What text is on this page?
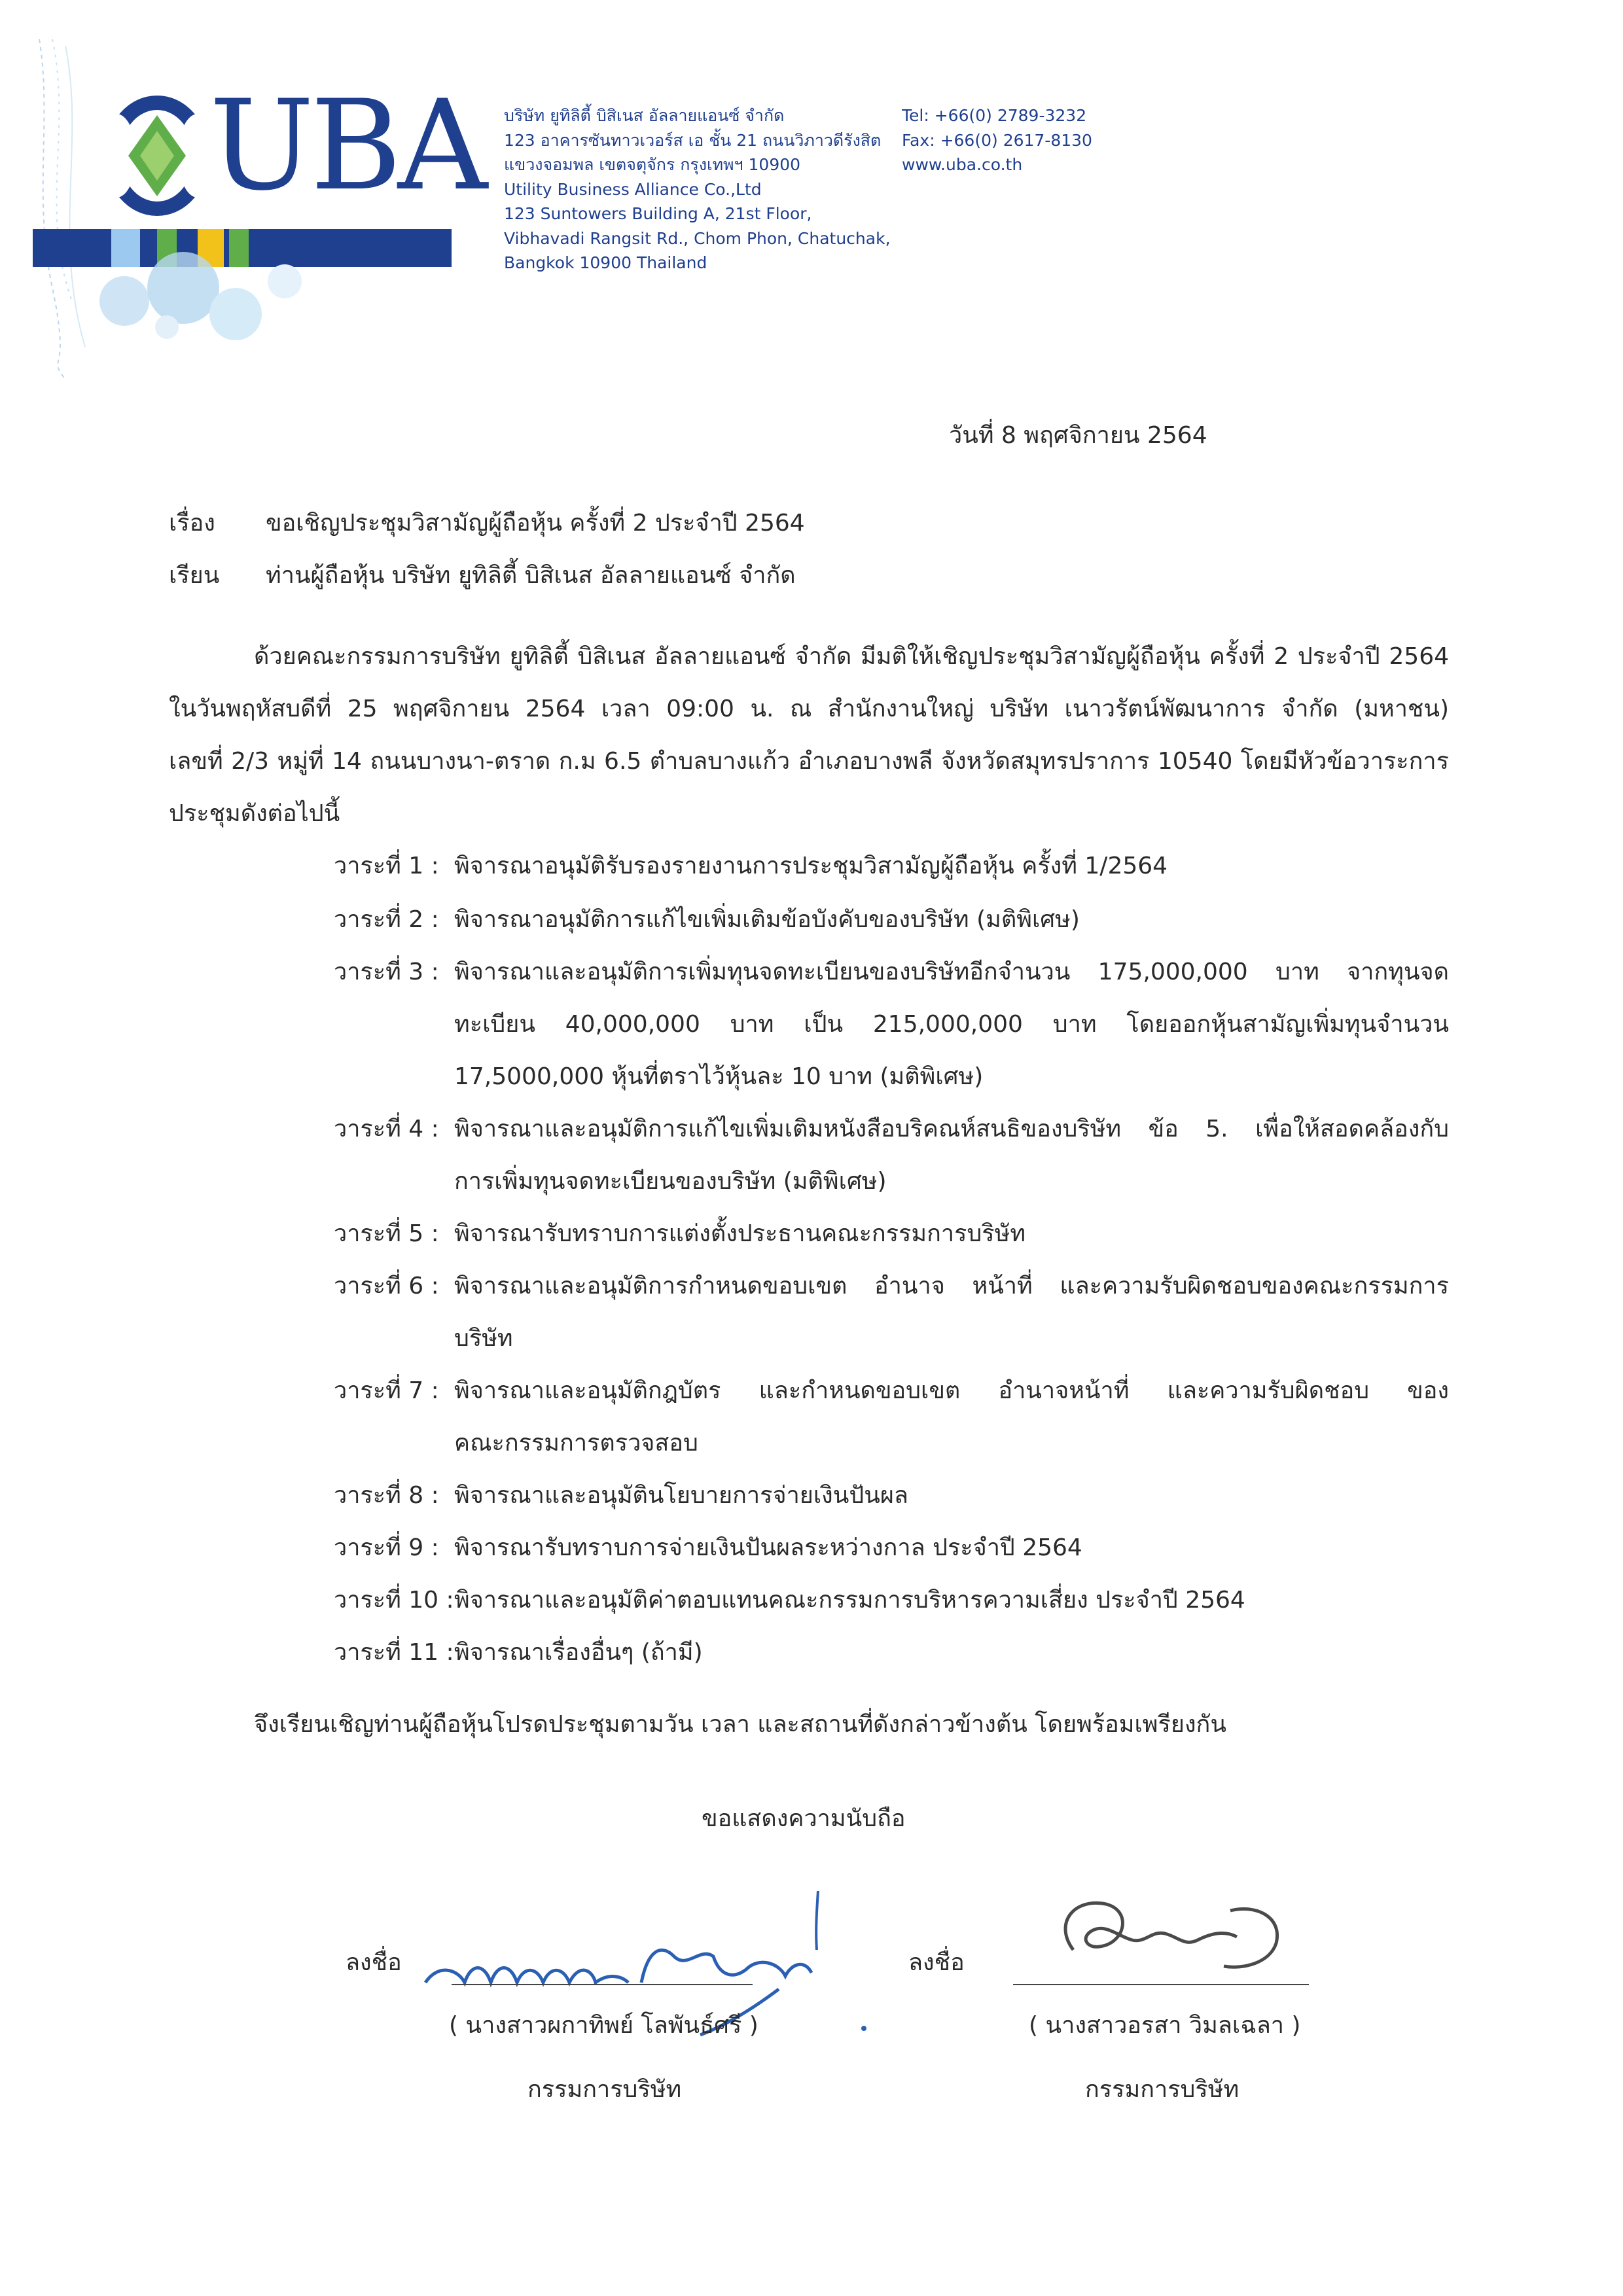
UBA บริษัท ยูทิลิตี้ บิสิเนส อัลลายแอนซ์ จำกัด
123 อาคารซันทาวเวอร์ส เอ ชั้น 21 ถนนวิภาวดีรังสิต
แขวงจอมพล เขตจตุจักร กรุงเทพฯ 10900
Utility Business Alliance Co.,Ltd
123 Suntowers Building A, 21st Floor,
Vibhavadi Rangsit Rd., Chom Phon, Chatuchak,
Bangkok 10900 Thailand
Tel: +66(0) 2789-3232
Fax: +66(0) 2617-8130
www.uba.co.th
วันที่ 8 พฤศจิกายน 2564
เรื่อง ขอเชิญประชุมวิสามัญผู้ถือหุ้น ครั้งที่ 2 ประจำปี 2564
เรียน ท่านผู้ถือหุ้น บริษัท ยูทิลิตี้ บิสิเนส อัลลายแอนซ์ จำกัด
ด้วยคณะกรรมการบริษัท ยูทิลิตี้ บิสิเนส อัลลายแอนซ์ จำกัด มีมติให้เชิญประชุมวิสามัญผู้ถือหุ้น ครั้งที่ 2 ประจำปี 2564
ในวันพฤหัสบดีที่ 25 พฤศจิกายน 2564 เวลา 09:00 น. ณ สำนักงานใหญ่ บริษัท เนาวรัตน์พัฒนาการ จำกัด (มหาชน)
เลขที่ 2/3 หมู่ที่ 14 ถนนบางนา-ตราด ก.ม 6.5 ตำบลบางแก้ว อำเภอบางพลี จังหวัดสมุทรปราการ 10540 โดยมีหัวข้อวาระการ
ประชุมดังต่อไปนี้
วาระที่ 1 : พิจารณาอนุมัติรับรองรายงานการประชุมวิสามัญผู้ถือหุ้น ครั้งที่ 1/2564
วาระที่ 2 : พิจารณาอนุมัติการแก้ไขเพิ่มเติมข้อบังคับของบริษัท (มติพิเศษ)
วาระที่ 3 : พิจารณาและอนุมัติการเพิ่มทุนจดทะเบียนของบริษัทอีกจำนวน 175,000,000 บาท จากทุนจด
ทะเบียน 40,000,000 บาท เป็น 215,000,000 บาท โดยออกหุ้นสามัญเพิ่มทุนจำนวน
17,5000,000 หุ้นที่ตราไว้หุ้นละ 10 บาท (มติพิเศษ)
วาระที่ 4 : พิจารณาและอนุมัติการแก้ไขเพิ่มเติมหนังสือบริคณห์สนธิของบริษัท ข้อ 5. เพื่อให้สอดคล้องกับ
การเพิ่มทุนจดทะเบียนของบริษัท (มติพิเศษ)
วาระที่ 5 : พิจารณารับทราบการแต่งตั้งประธานคณะกรรมการบริษัท
วาระที่ 6 : พิจารณาและอนุมัติการกำหนดขอบเขต อำนาจ หน้าที่ และความรับผิดชอบของคณะกรรมการ
บริษัท
วาระที่ 7 : พิจารณาและอนุมัติกฎบัตร และกำหนดขอบเขต อำนาจหน้าที่ และความรับผิดชอบ ของ
คณะกรรมการตรวจสอบ
วาระที่ 8 : พิจารณาและอนุมัตินโยบายการจ่ายเงินปันผล
วาระที่ 9 : พิจารณารับทราบการจ่ายเงินปันผลระหว่างกาล ประจำปี 2564
วาระที่ 10 : พิจารณาและอนุมัติค่าตอบแทนคณะกรรมการบริหารความเสี่ยง ประจำปี 2564
วาระที่ 11 : พิจารณาเรื่องอื่นๆ (ถ้ามี)
จึงเรียนเชิญท่านผู้ถือหุ้นโปรดประชุมตามวัน เวลา และสถานที่ดังกล่าวข้างต้น โดยพร้อมเพรียงกัน
ขอแสดงความนับถือ
ลงชื่อ	ลงชื่อ
( นางสาวผกาทิพย์ โลพันธ์ศรี )
กรรมการบริษัท
( นางสาวอรสา วิมลเฉลา )
กรรมการบริษัท
